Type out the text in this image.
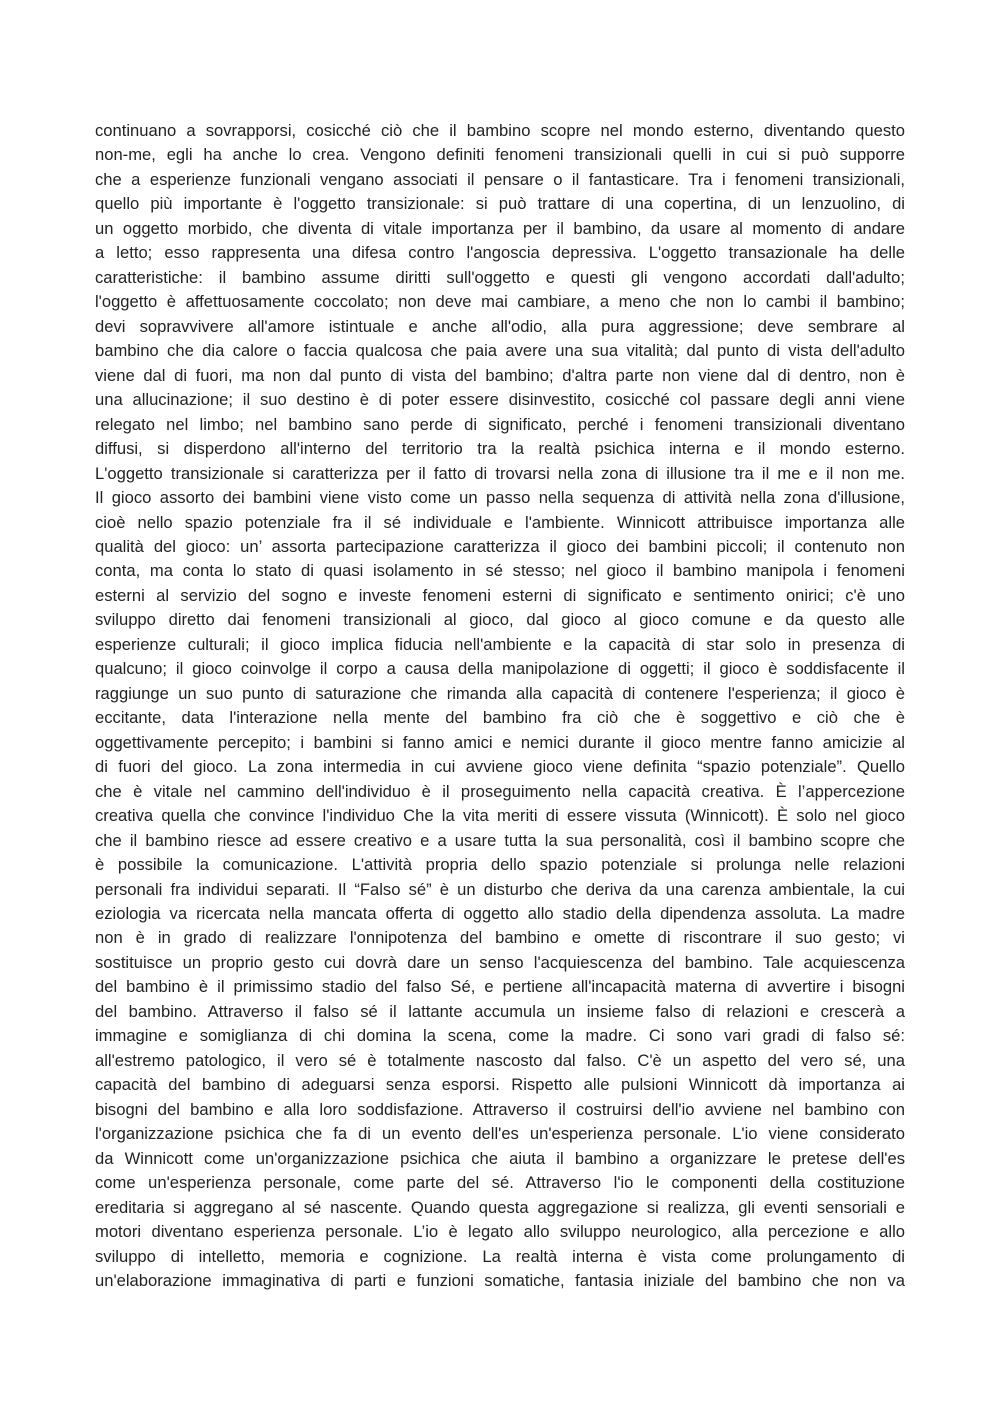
continuano a sovrapporsi, cosicché ciò che il bambino scopre nel mondo esterno, diventando questo
non-me, egli ha anche lo crea. Vengono definiti fenomeni transizionali quelli in cui si può supporre
che a esperienze funzionali vengano associati il pensare o il fantasticare. Tra i fenomeni transizionali,
quello più importante è l'oggetto transizionale: si può trattare di una copertina, di un lenzuolino, di
un oggetto morbido, che diventa di vitale importanza per il bambino, da usare al momento di andare
a letto; esso rappresenta una difesa contro l'angoscia depressiva. L'oggetto transazionale ha delle
caratteristiche: il bambino assume diritti sull'oggetto e questi gli vengono accordati dall'adulto;
l'oggetto è affettuosamente coccolato; non deve mai cambiare, a meno che non lo cambi il bambino;
devi sopravvivere all'amore istintuale e anche all'odio, alla pura aggressione; deve sembrare al
bambino che dia calore o faccia qualcosa che paia avere una sua vitalità; dal punto di vista dell'adulto
viene dal di fuori, ma non dal punto di vista del bambino; d'altra parte non viene dal di dentro, non è
una allucinazione; il suo destino è di poter essere disinvestito, cosicché col passare degli anni viene
relegato nel limbo; nel bambino sano perde di significato, perché i fenomeni transizionali diventano
diffusi, si disperdono all'interno del territorio tra la realtà psichica interna e il mondo esterno.
L'oggetto transizionale si caratterizza per il fatto di trovarsi nella zona di illusione tra il me e il non me.
Il gioco assorto dei bambini viene visto come un passo nella sequenza di attività nella zona d'illusione,
cioè nello spazio potenziale fra il sé individuale e l'ambiente. Winnicott attribuisce importanza alle
qualità del gioco: un’ assorta partecipazione caratterizza il gioco dei bambini piccoli; il contenuto non
conta, ma conta lo stato di quasi isolamento in sé stesso; nel gioco il bambino manipola i fenomeni
esterni al servizio del sogno e investe fenomeni esterni di significato e sentimento onirici; c'è uno
sviluppo diretto dai fenomeni transizionali al gioco, dal gioco al gioco comune e da questo alle
esperienze culturali; il gioco implica fiducia nell'ambiente e la capacità di star solo in presenza di
qualcuno; il gioco coinvolge il corpo a causa della manipolazione di oggetti; il gioco è soddisfacente il
raggiunge un suo punto di saturazione che rimanda alla capacità di contenere l'esperienza; il gioco è
eccitante, data l'interazione nella mente del bambino fra ciò che è soggettivo e ciò che è
oggettivamente percepito; i bambini si fanno amici e nemici durante il gioco mentre fanno amicizie al
di fuori del gioco. La zona intermedia in cui avviene gioco viene definita “spazio potenziale”. Quello
che è vitale nel cammino dell'individuo è il proseguimento nella capacità creativa. È l’appercezione
creativa quella che convince l'individuo Che la vita meriti di essere vissuta (Winnicott). È solo nel gioco
che il bambino riesce ad essere creativo e a usare tutta la sua personalità, così il bambino scopre che
è possibile la comunicazione. L'attività propria dello spazio potenziale si prolunga nelle relazioni
personali fra individui separati. Il “Falso sé” è un disturbo che deriva da una carenza ambientale, la cui
eziologia va ricercata nella mancata offerta di oggetto allo stadio della dipendenza assoluta. La madre
non è in grado di realizzare l'onnipotenza del bambino e omette di riscontrare il suo gesto; vi
sostituisce un proprio gesto cui dovrà dare un senso l'acquiescenza del bambino. Tale acquiescenza
del bambino è il primissimo stadio del falso Sé, e pertiene all'incapacità materna di avvertire i bisogni
del bambino. Attraverso il falso sé il lattante accumula un insieme falso di relazioni e crescerà a
immagine e somiglianza di chi domina la scena, come la madre. Ci sono vari gradi di falso sé:
all'estremo patologico, il vero sé è totalmente nascosto dal falso. C'è un aspetto del vero sé, una
capacità del bambino di adeguarsi senza esporsi. Rispetto alle pulsioni Winnicott dà importanza ai
bisogni del bambino e alla loro soddisfazione. Attraverso il costruirsi dell'io avviene nel bambino con
l'organizzazione psichica che fa di un evento dell'es un'esperienza personale. L'io viene considerato
da Winnicott come un'organizzazione psichica che aiuta il bambino a organizzare le pretese dell'es
come un'esperienza personale, come parte del sé. Attraverso l'io le componenti della costituzione
ereditaria si aggregano al sé nascente. Quando questa aggregazione si realizza, gli eventi sensoriali e
motori diventano esperienza personale. L’io è legato allo sviluppo neurologico, alla percezione e allo
sviluppo di intelletto, memoria e cognizione. La realtà interna è vista come prolungamento di
un'elaborazione immaginativa di parti e funzioni somatiche, fantasia iniziale del bambino che non va
